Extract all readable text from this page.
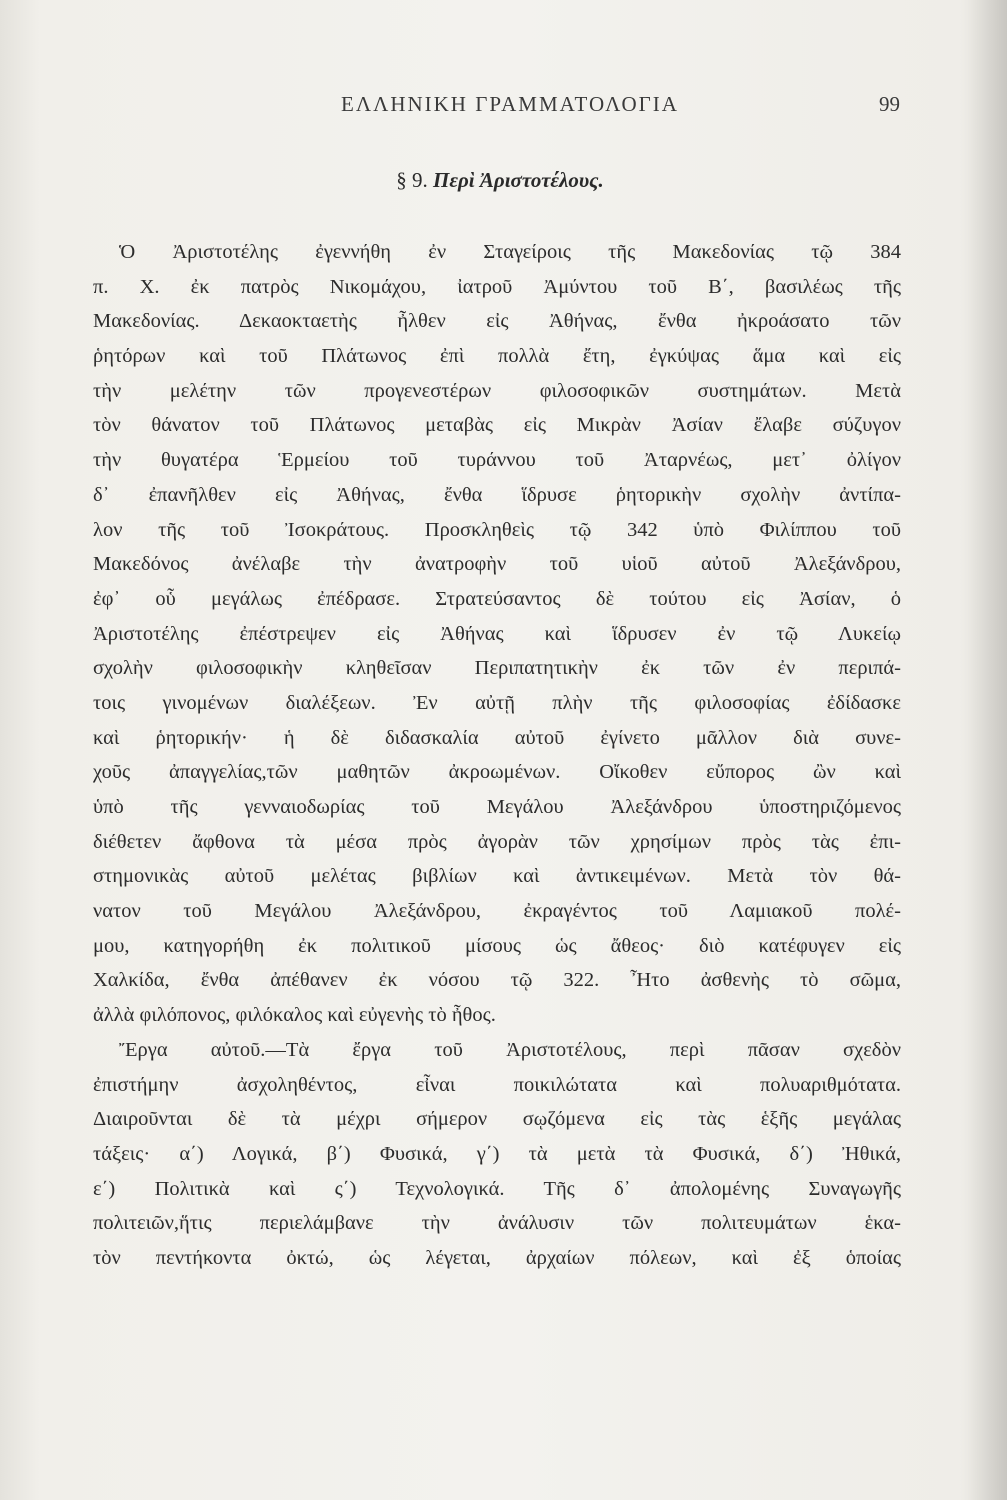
ΕΛΛΗΝΙΚΗ ΓΡΑΜΜΑΤΟΛΟΓΙΑ	99
§ 9. Περὶ Ἀριστοτέλους.
Ὁ Ἀριστοτέλης ἐγεννήθη ἐν Σταγείροις τῆς Μακεδονίας τῷ 384
π. Χ. ἐκ πατρὸς Νικομάχου, ἰατροῦ Ἀμύντου τοῦ Β΄, βασιλέως τῆς
Μακεδονίας. Δεκαοκταετὴς ἦλθεν εἰς Ἀθήνας, ἔνθα ἠκροάσατο τῶν
ῥητόρων καὶ τοῦ Πλάτωνος ἐπὶ πολλὰ ἔτη, ἐγκύψας ἅμα καὶ εἰς
τὴν μελέτην τῶν προγενεστέρων φιλοσοφικῶν συστημάτων. Μετὰ
τὸν θάνατον τοῦ Πλάτωνος μεταβὰς εἰς Μικρὰν Ἀσίαν ἔλαβε σύζυγον
τὴν θυγατέρα Ἑρμείου τοῦ τυράννου τοῦ Ἀταρνέως, μετ᾽ ὀλίγον
δ᾽ ἐπανῆλθεν εἰς Ἀθήνας, ἔνθα ἵδρυσε ῥητορικὴν σχολὴν ἀντίπα-
λον τῆς τοῦ Ἰσοκράτους. Προσκληθεὶς τῷ 342 ὑπὸ Φιλίππου τοῦ
Μακεδόνος ἀνέλαβε τὴν ἀνατροφὴν τοῦ υἱοῦ αὐτοῦ Ἀλεξάνδρου,
ἐφ᾽ οὗ μεγάλως ἐπέδρασε. Στρατεύσαντος δὲ τούτου εἰς Ἀσίαν, ὁ
Ἀριστοτέλης ἐπέστρεψεν εἰς Ἀθήνας καὶ ἵδρυσεν ἐν τῷ Λυκείῳ
σχολὴν φιλοσοφικὴν κληθεῖσαν Περιπατητικὴν ἐκ τῶν ἐν περιπά-
τοις γινομένων διαλέξεων. Ἐν αὐτῇ πλὴν τῆς φιλοσοφίας ἐδίδασκε
καὶ ῥητορικήν· ἡ δὲ διδασκαλία αὐτοῦ ἐγίνετο μᾶλλον διὰ συνε-
χοῦς ἀπαγγελίας,τῶν μαθητῶν ἀκροωμένων. Οἴκοθεν εὔπορος ὢν καὶ
ὑπὸ τῆς γενναιοδωρίας τοῦ Μεγάλου Ἀλεξάνδρου ὑποστηριζόμενος
διέθετεν ἄφθονα τὰ μέσα πρὸς ἀγορὰν τῶν χρησίμων πρὸς τὰς ἐπι-
στημονικὰς αὐτοῦ μελέτας βιβλίων καὶ ἀντικειμένων. Μετὰ τὸν θά-
νατον τοῦ Μεγάλου Ἀλεξάνδρου, ἐκραγέντος τοῦ Λαμιακοῦ πολέ-
μου, κατηγορήθη ἐκ πολιτικοῦ μίσους ὡς ἄθεος· διὸ κατέφυγεν εἰς
Χαλκίδα, ἔνθα ἀπέθανεν ἐκ νόσου τῷ 322. Ἦτο ἀσθενὴς τὸ σῶμα,
ἀλλὰ φιλόπονος, φιλόκαλος καὶ εὐγενὴς τὸ ἦθος.
Ἔργα αὐτοῦ.—Τὰ ἔργα τοῦ Ἀριστοτέλους, περὶ πᾶσαν σχεδὸν
ἐπιστήμην ἀσχοληθέντος, εἶναι ποικιλώτατα καὶ πολυαριθμότατα.
Διαιροῦνται δὲ τὰ μέχρι σήμερον σῳζόμενα εἰς τὰς ἑξῆς μεγάλας
τάξεις· α΄) Λογικά, β΄) Φυσικά, γ΄) τὰ μετὰ τὰ Φυσικά, δ΄) Ἠθικά,
ε΄) Πολιτικὰ καὶ ς΄) Τεχνολογικά. Τῆς δ᾽ ἀπολομένης Συναγωγῆς
πολιτειῶν,ἥτις περιελάμβανε τὴν ἀνάλυσιν τῶν πολιτευμάτων ἑκα-
τὸν πεντήκοντα ὀκτώ, ὡς λέγεται, ἀρχαίων πόλεων, καὶ ἐξ ὁποίας
